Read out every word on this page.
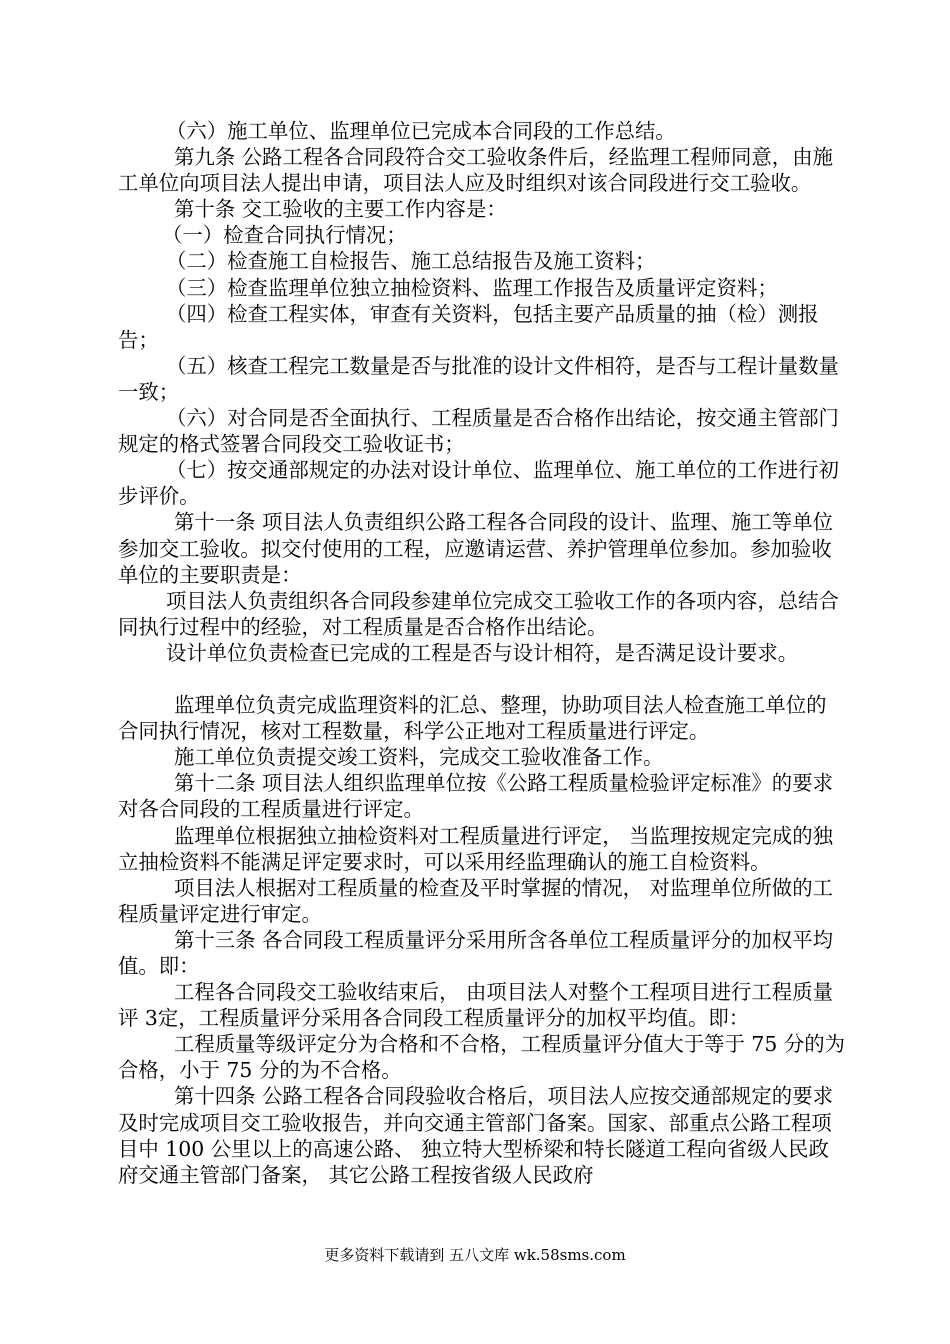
（六）施工单位、监理单位已完成本合同段的工作总结。

第九条 公路工程各合同段符合交工验收条件后，经监理工程师同意，由施工单位向项目法人提出申请，项目法人应及时组织对该合同段进行交工验收。

第十条 交工验收的主要工作内容是：

（一）检查合同执行情况；

（二）检查施工自检报告、施工总结报告及施工资料；

（三）检查监理单位独立抽检资料、监理工作报告及质量评定资料；

（四）检查工程实体，审查有关资料，包括主要产品质量的抽（检）测报告；

（五）核查工程完工数量是否与批准的设计文件相符，是否与工程计量数量一致；

（六）对合同是否全面执行、工程质量是否合格作出结论，按交通主管部门规定的格式签署合同段交工验收证书；

（七）按交通部规定的办法对设计单位、监理单位、施工单位的工作进行初步评价。

第十一条 项目法人负责组织公路工程各合同段的设计、监理、施工等单位参加交工验收。拟交付使用的工程，应邀请运营、养护管理单位参加。参加验收单位的主要职责是：

项目法人负责组织各合同段参建单位完成交工验收工作的各项内容，总结合同执行过程中的经验，对工程质量是否合格作出结论。

设计单位负责检查已完成的工程是否与设计相符，是否满足设计要求。

监理单位负责完成监理资料的汇总、整理，协助项目法人检查施工单位的合同执行情况，核对工程数量，科学公正地对工程质量进行评定。

施工单位负责提交竣工资料，完成交工验收准备工作。

第十二条 项目法人组织监理单位按《公路工程质量检验评定标准》的要求对各合同段的工程质量进行评定。

监理单位根据独立抽检资料对工程质量进行评定， 当监理按规定完成的独立抽检资料不能满足评定要求时，可以采用经监理确认的施工自检资料。

项目法人根据对工程质量的检查及平时掌握的情况， 对监理单位所做的工程质量评定进行审定。

第十三条 各合同段工程质量评分采用所含各单位工程质量评分的加权平均值。即：

工程各合同段交工验收结束后， 由项目法人对整个工程项目进行工程质量评 3定，工程质量评分采用各合同段工程质量评分的加权平均值。即：

工程质量等级评定分为合格和不合格，工程质量评分值大于等于 75 分的为合格，小于 75 分的为不合格。

第十四条 公路工程各合同段验收合格后，项目法人应按交通部规定的要求及时完成项目交工验收报告，并向交通主管部门备案。国家、部重点公路工程项目中 100 公里以上的高速公路、 独立特大型桥梁和特长隧道工程向省级人民政府交通主管部门备案， 其它公路工程按省级人民政府

更多资料下载请到 五八文库 wk.58sms.com
